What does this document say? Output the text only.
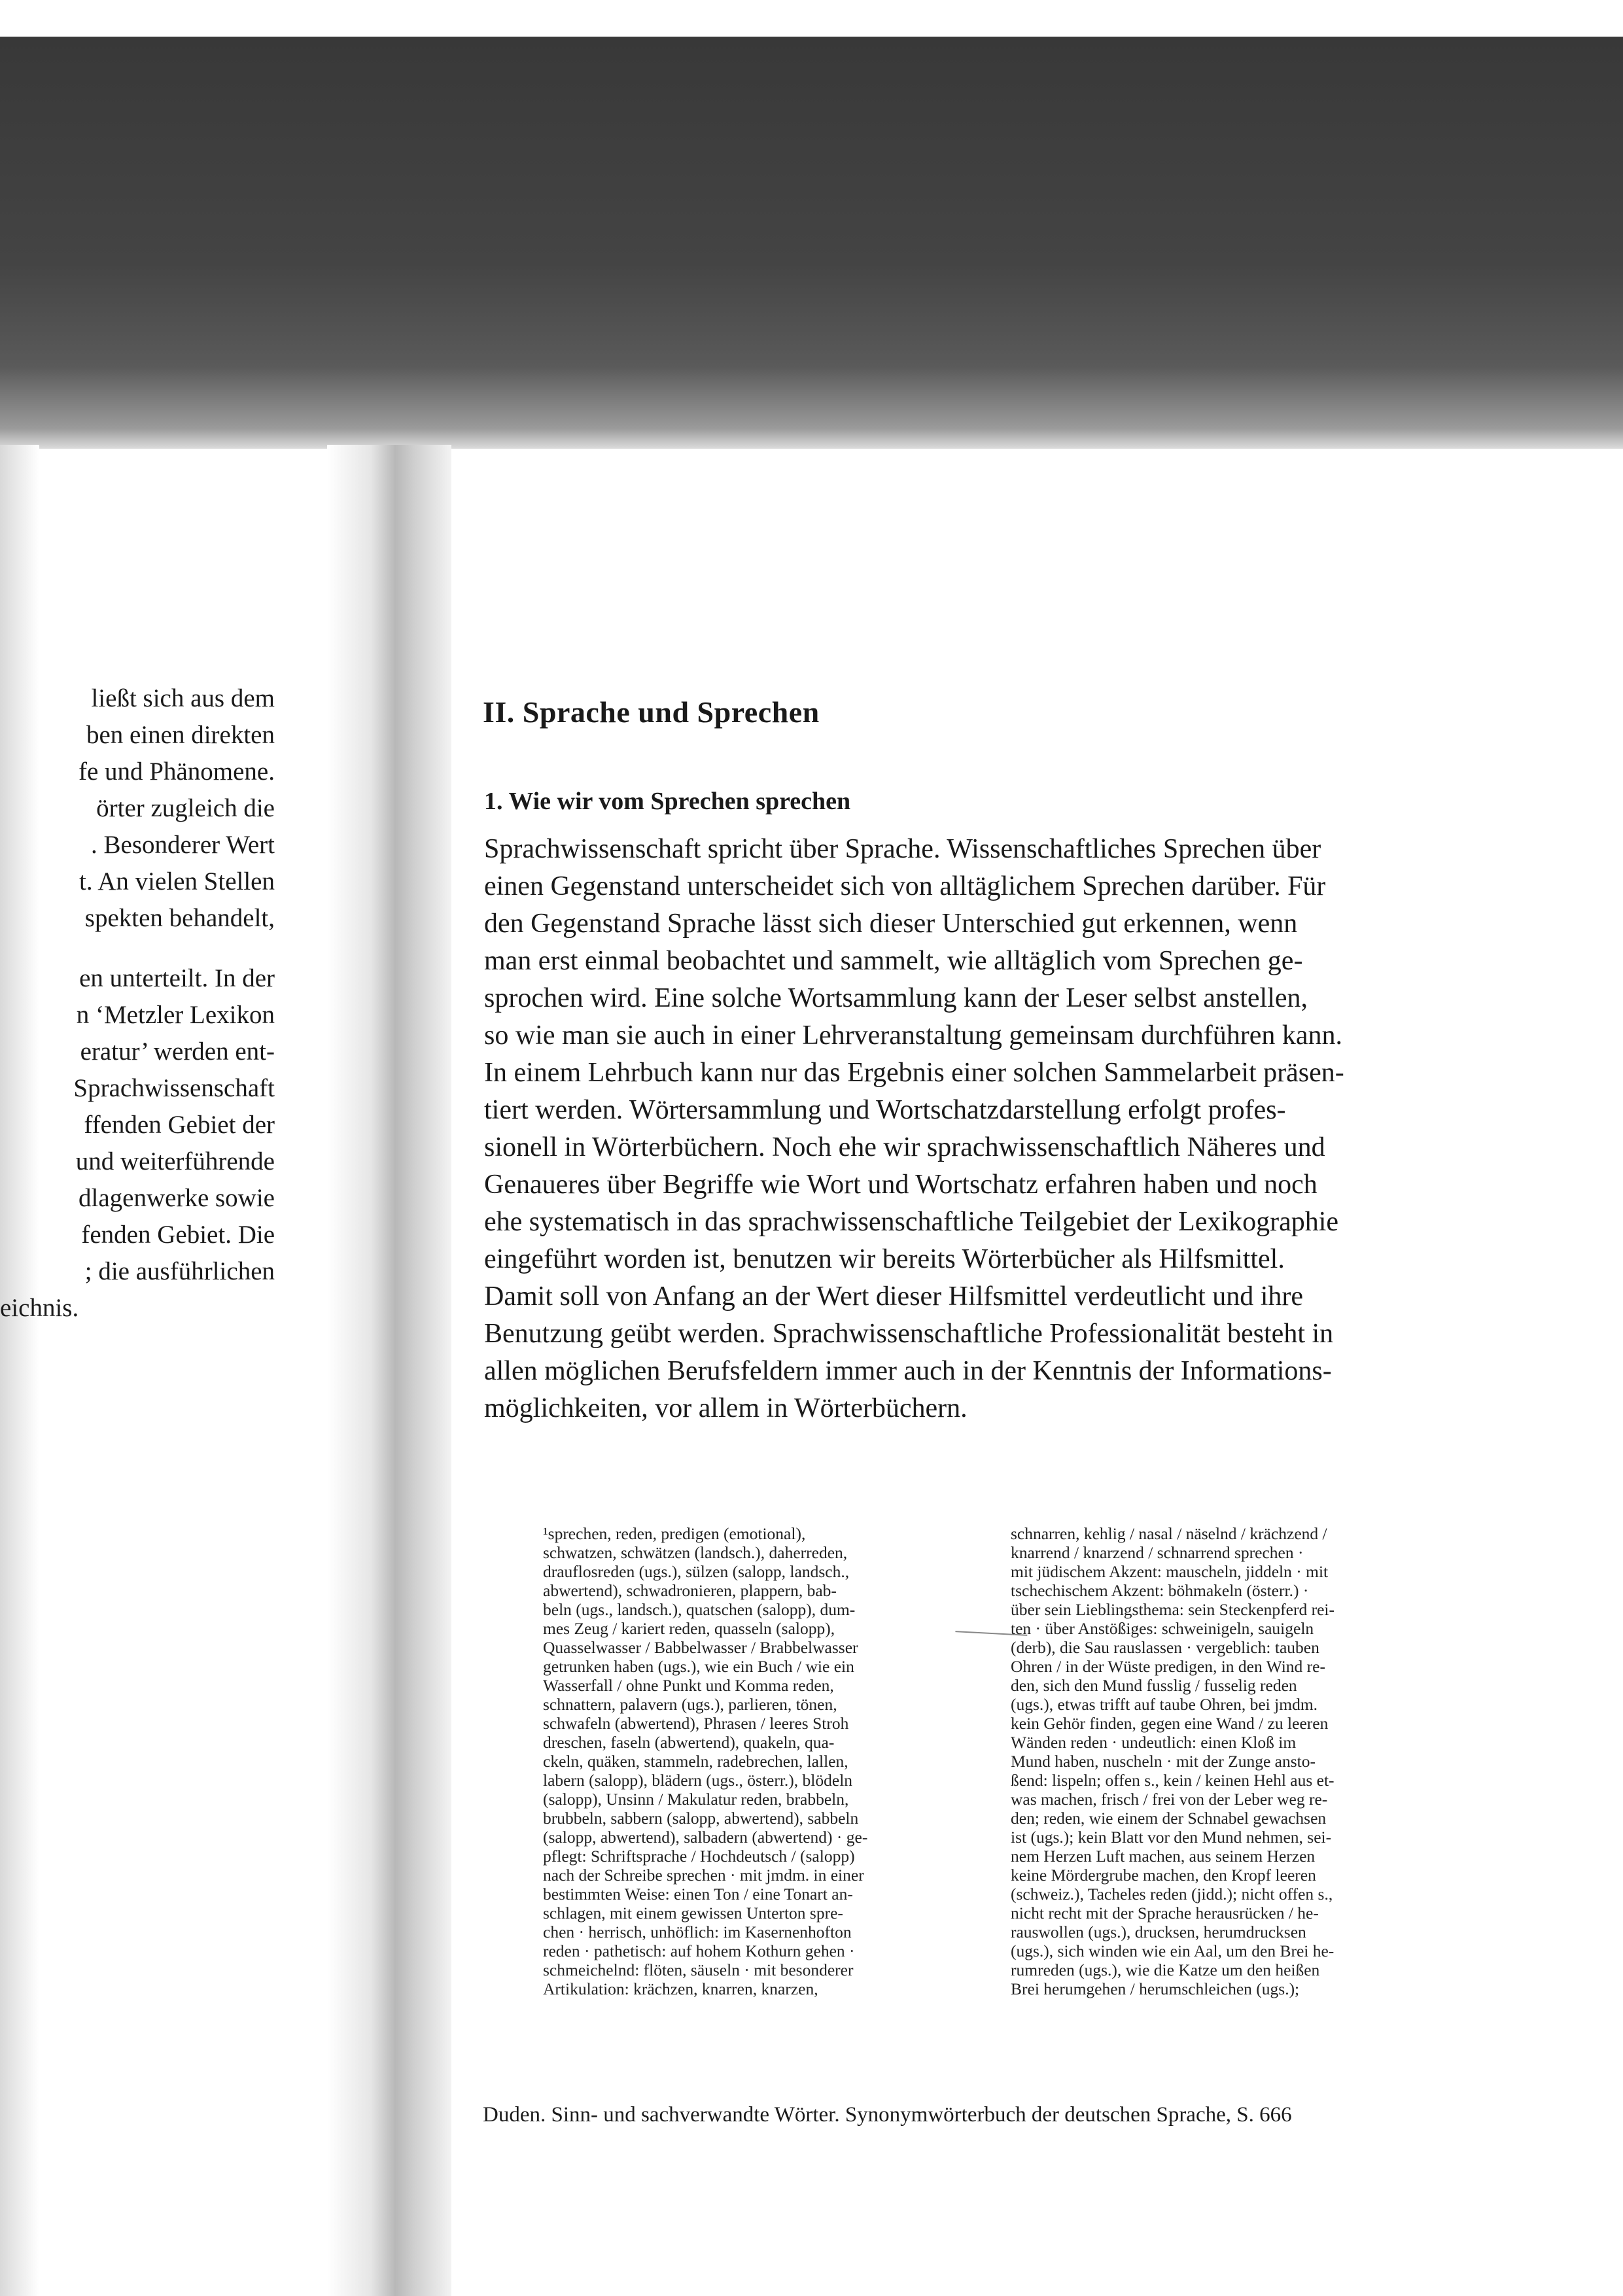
ließt sich aus dem
ben einen direkten
fe und Phänomene.
örter zugleich die
. Besonderer Wert
t. An vielen Stellen
spekten behandelt,
en unterteilt. In der
n ‘Metzler Lexikon
eratur’ werden ent-
Sprachwissenschaft
ffenden Gebiet der
und weiterführende
dlagenwerke sowie
fenden Gebiet. Die
; die ausführlichen
eichnis.
II. Sprache und Sprechen
1. Wie wir vom Sprechen sprechen
Sprachwissenschaft spricht über Sprache. Wissenschaftliches Sprechen über
einen Gegenstand unterscheidet sich von alltäglichem Sprechen darüber. Für
den Gegenstand Sprache lässt sich dieser Unterschied gut erkennen, wenn
man erst einmal beobachtet und sammelt, wie alltäglich vom Sprechen ge-
sprochen wird. Eine solche Wortsammlung kann der Leser selbst anstellen,
so wie man sie auch in einer Lehrveranstaltung gemeinsam durchführen kann.
In einem Lehrbuch kann nur das Ergebnis einer solchen Sammelarbeit präsen-
tiert werden. Wörtersammlung und Wortschatzdarstellung erfolgt profes-
sionell in Wörterbüchern. Noch ehe wir sprachwissenschaftlich Näheres und
Genaueres über Begriffe wie Wort und Wortschatz erfahren haben und noch
ehe systematisch in das sprachwissenschaftliche Teilgebiet der Lexikographie
eingeführt worden ist, benutzen wir bereits Wörterbücher als Hilfsmittel.
Damit soll von Anfang an der Wert dieser Hilfsmittel verdeutlicht und ihre
Benutzung geübt werden. Sprachwissenschaftliche Professionalität besteht in
allen möglichen Berufsfeldern immer auch in der Kenntnis der Informations-
möglichkeiten, vor allem in Wörterbüchern.
¹sprechen, reden, predigen (emotional),
schwatzen, schwätzen (landsch.), daherreden,
drauflosreden (ugs.), sülzen (salopp, landsch.,
abwertend), schwadronieren, plappern, bab-
beln (ugs., landsch.), quatschen (salopp), dum-
mes Zeug / kariert reden, quasseln (salopp),
Quasselwasser / Babbelwasser / Brabbelwasser
getrunken haben (ugs.), wie ein Buch / wie ein
Wasserfall / ohne Punkt und Komma reden,
schnattern, palavern (ugs.), parlieren, tönen,
schwafeln (abwertend), Phrasen / leeres Stroh
dreschen, faseln (abwertend), quakeln, qua-
ckeln, quäken, stammeln, radebrechen, lallen,
labern (salopp), blädern (ugs., österr.), blödeln
(salopp), Unsinn / Makulatur reden, brabbeln,
brubbeln, sabbern (salopp, abwertend), sabbeln
(salopp, abwertend), salbadern (abwertend) · ge-
pflegt: Schriftsprache / Hochdeutsch / (salopp)
nach der Schreibe sprechen · mit jmdm. in einer
bestimmten Weise: einen Ton / eine Tonart an-
schlagen, mit einem gewissen Unterton spre-
chen · herrisch, unhöflich: im Kasernenhofton
reden · pathetisch: auf hohem Kothurn gehen ·
schmeichelnd: flöten, säuseln · mit besonderer
Artikulation: krächzen, knarren, knarzen,
schnarren, kehlig / nasal / näselnd / krächzend /
knarrend / knarzend / schnarrend sprechen ·
mit jüdischem Akzent: mauscheln, jiddeln · mit
tschechischem Akzent: böhmakeln (österr.) ·
über sein Lieblingsthema: sein Steckenpferd rei-
ten · über Anstößiges: schweinigeln, sauigeln
(derb), die Sau rauslassen · vergeblich: tauben
Ohren / in der Wüste predigen, in den Wind re-
den, sich den Mund fusslig / fusselig reden
(ugs.), etwas trifft auf taube Ohren, bei jmdm.
kein Gehör finden, gegen eine Wand / zu leeren
Wänden reden · undeutlich: einen Kloß im
Mund haben, nuscheln · mit der Zunge ansto-
ßend: lispeln; offen s., kein / keinen Hehl aus et-
was machen, frisch / frei von der Leber weg re-
den; reden, wie einem der Schnabel gewachsen
ist (ugs.); kein Blatt vor den Mund nehmen, sei-
nem Herzen Luft machen, aus seinem Herzen
keine Mördergrube machen, den Kropf leeren
(schweiz.), Tacheles reden (jidd.); nicht offen s.,
nicht recht mit der Sprache herausrücken / he-
rauswollen (ugs.), drucksen, herumdrucksen
(ugs.), sich winden wie ein Aal, um den Brei he-
rumreden (ugs.), wie die Katze um den heißen
Brei herumgehen / herumschleichen (ugs.);
Duden. Sinn- und sachverwandte Wörter. Synonymwörterbuch der deutschen Sprache, S. 666
